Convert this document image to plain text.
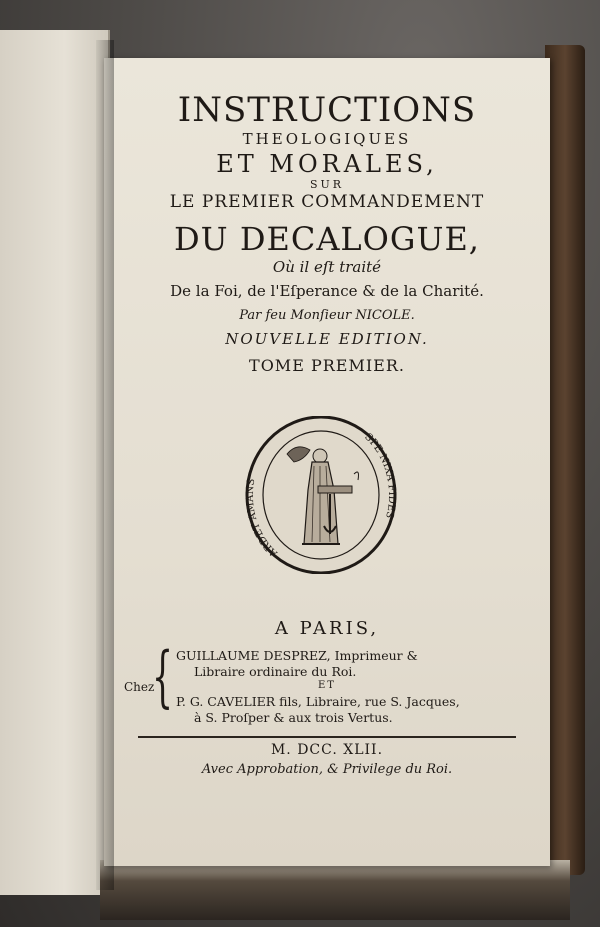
INSTRUCTIONS
THEOLOGIQUES
ET MORALES,
SUR
LE PREMIER COMMANDEMENT
DU DECALOGUE,
Où il eſt traité
De la Foi, de l'Eſperance & de la Charité.
Par feu Monſieur NICOLE.
NOUVELLE EDITION.
TOME PREMIER.
ARDET AMANS
SPE NIXA FIDES
A PARIS,
Chez
{ GUILLAUME DESPREZ, Imprimeur &
Libraire ordinaire du Roi.
ET
P. G. CAVELIER fils, Libraire, rue S. Jacques,
à S. Proſper & aux trois Vertus.
M. DCC. XLII.
Avec Approbation, & Privilege du Roi.
